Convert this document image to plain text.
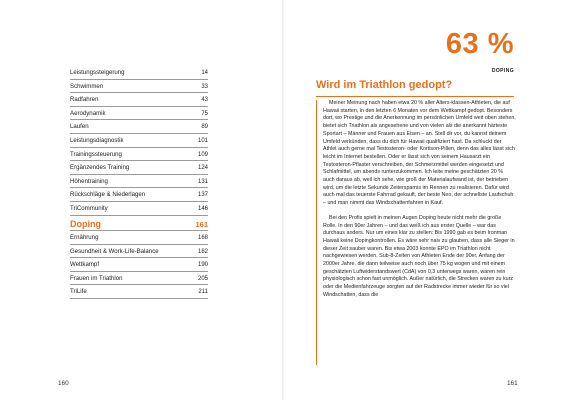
Leistungssteigerung	14
Schwimmen	33
Radfahren	43
Aerodynamik	75
Laufen	89
Leistungsdiagnostik	101
Trainingssteuerung	109
Ergänzendes Training	124
Höhentraining	131
Rückschläge & Niederlagen	137
TriCommunity	146
Doping	161
Ernährung	168
Gesundheit & Work-Life-Balance	182
Wettkampf	190
Frauen im Triathlon	205
TriLife	211
160
63 %
DOPING
Wird im Triathlon gedopt?

Meiner Meinung nach haben etwa 20 % aller Alters-klassen-Athleten, die auf Hawaii starten, in den letzten 6 Monaten vor dem Wettkampf gedopt. Besonders dort, wo Prestige und die Anerkennung im persönlichen Umfeld weit oben stehen, bietet sich Triathlon als angesehene und von vielen als die anerkannt härteste Sportart – Männer und Frauen aus Eisen – an. Stell dir vor, du kannst deinem Umfeld verkünden, dass du dich für Hawaii qualifiziert hast. Da schluckt der Athlet auch gerne mal Testosteron- oder Kortison-Pillen, denn das alles lässt sich leicht im Internet bestellen. Oder er lässt sich von seinem Hausarzt ein Testosteron-Pflaster verschreiben, der Schmerzmittel werden eingesetzt und Schlafmittel, um abends runterzukommen. Ich leite meine geschätzten 20 % auch daraus ab, weil ich sehe, wie groß der Materialaufwand ist, der betrieben wird, um die letzte Sekunde Zeitersparnis im Rennen zu realisieren. Dafür wird auch mal das teuerste Fahrrad gekauft, der beste Neo, der schnellste Laufschuh – und man nimmt das Windschattenfahren in Kauf.

Bei den Profis spielt in meinen Augen Doping heute nicht mehr die große Rolle. In den 90er Jahren – und das weiß ich aus erster Quelle – war das durchaus anders. Nur um eines klar zu stellen: Bis 1990 gab es beim Ironman Hawaii keine Dopingkontrollen. Es wäre sehr naiv zu glauben, dass alle Sieger in dieser Zeit sauber waren. Bis etwa 2003 konnte EPO im Triathlon nicht nachgewiesen werden. Sub-8-Zeiten von Athleten Ende der 90er, Anfang der 2000er Jahre, die dann teilweise auch noch über 75 kg wogen und mit einem geschätzten Luftwiderstandswert (CdA) von 0,3 unterwegs waren, waren rein physiologisch schon fast unmöglich. Außer natürlich, die Strecken waren zu kurz oder die Medienfahrzeuge sorgten auf der Radstrecke immer wieder für so viel Windschatten, dass die

161
